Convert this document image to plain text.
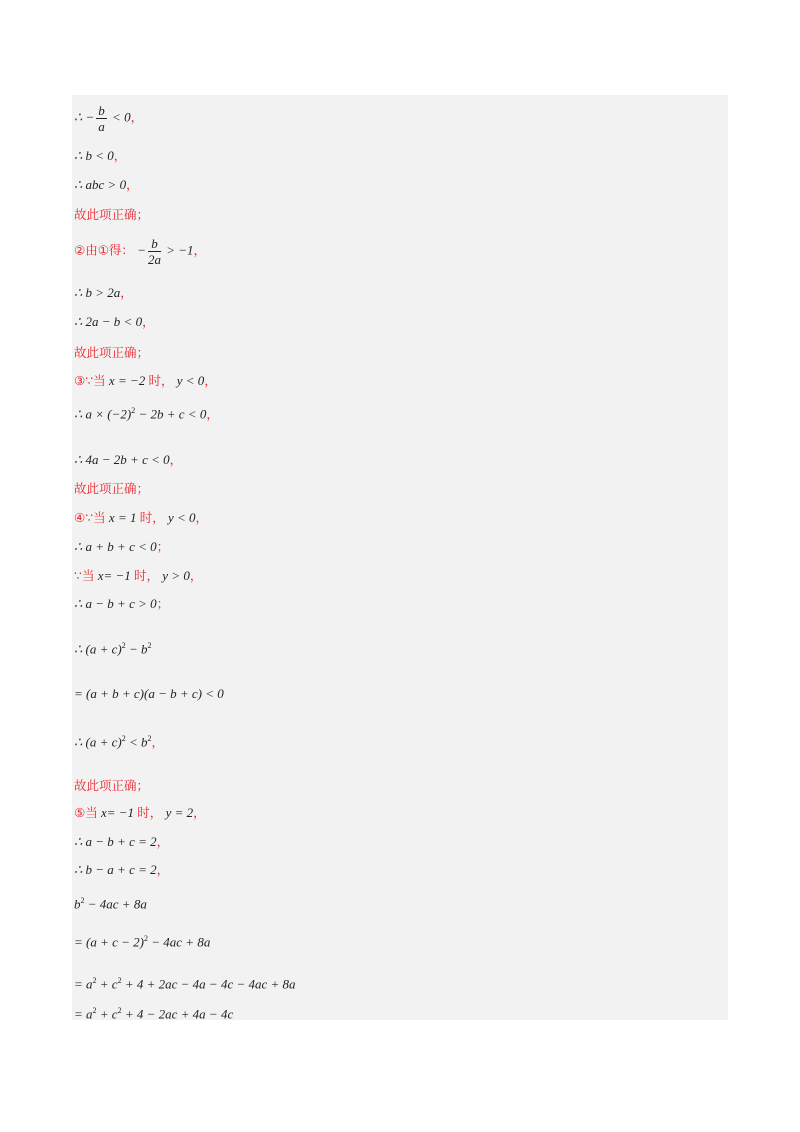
∴ − $\frac{b}{a} < 0$，
∴ b < 0，
∴ abc > 0，
故此项正确；
②由①得： − $\frac{b}{2a} > -1$，
∴ b > 2a，
∴ 2a − b < 0，
故此项正确；
③∵当 x = −2 时， y < 0，
∴ $a \times (-2)^2 - 2b + c < 0$，
∴ 4a − 2b + c < 0，
故此项正确；
④∵当 x = 1 时， y < 0，
∴ a + b + c < 0；
∵当 x= −1 时， y > 0，
∴ a − b + c > 0；
∴ $(a + c)^2 - b^2$
= (a + b + c)(a − b + c) < 0
∴ $(a + c)^2 < b^2$，
故此项正确；
⑤当 x= −1 时， y = 2，
∴ a − b + c = 2，
∴ b − a + c = 2，
$b^2 - 4ac + 8a$
= $(a + c - 2)^2 - 4ac + 8a$
= $a^2 + c^2 + 4 + 2ac - 4a - 4c - 4ac + 8a$
= $a^2 + c^2 + 4 - 2ac + 4a - 4c$
